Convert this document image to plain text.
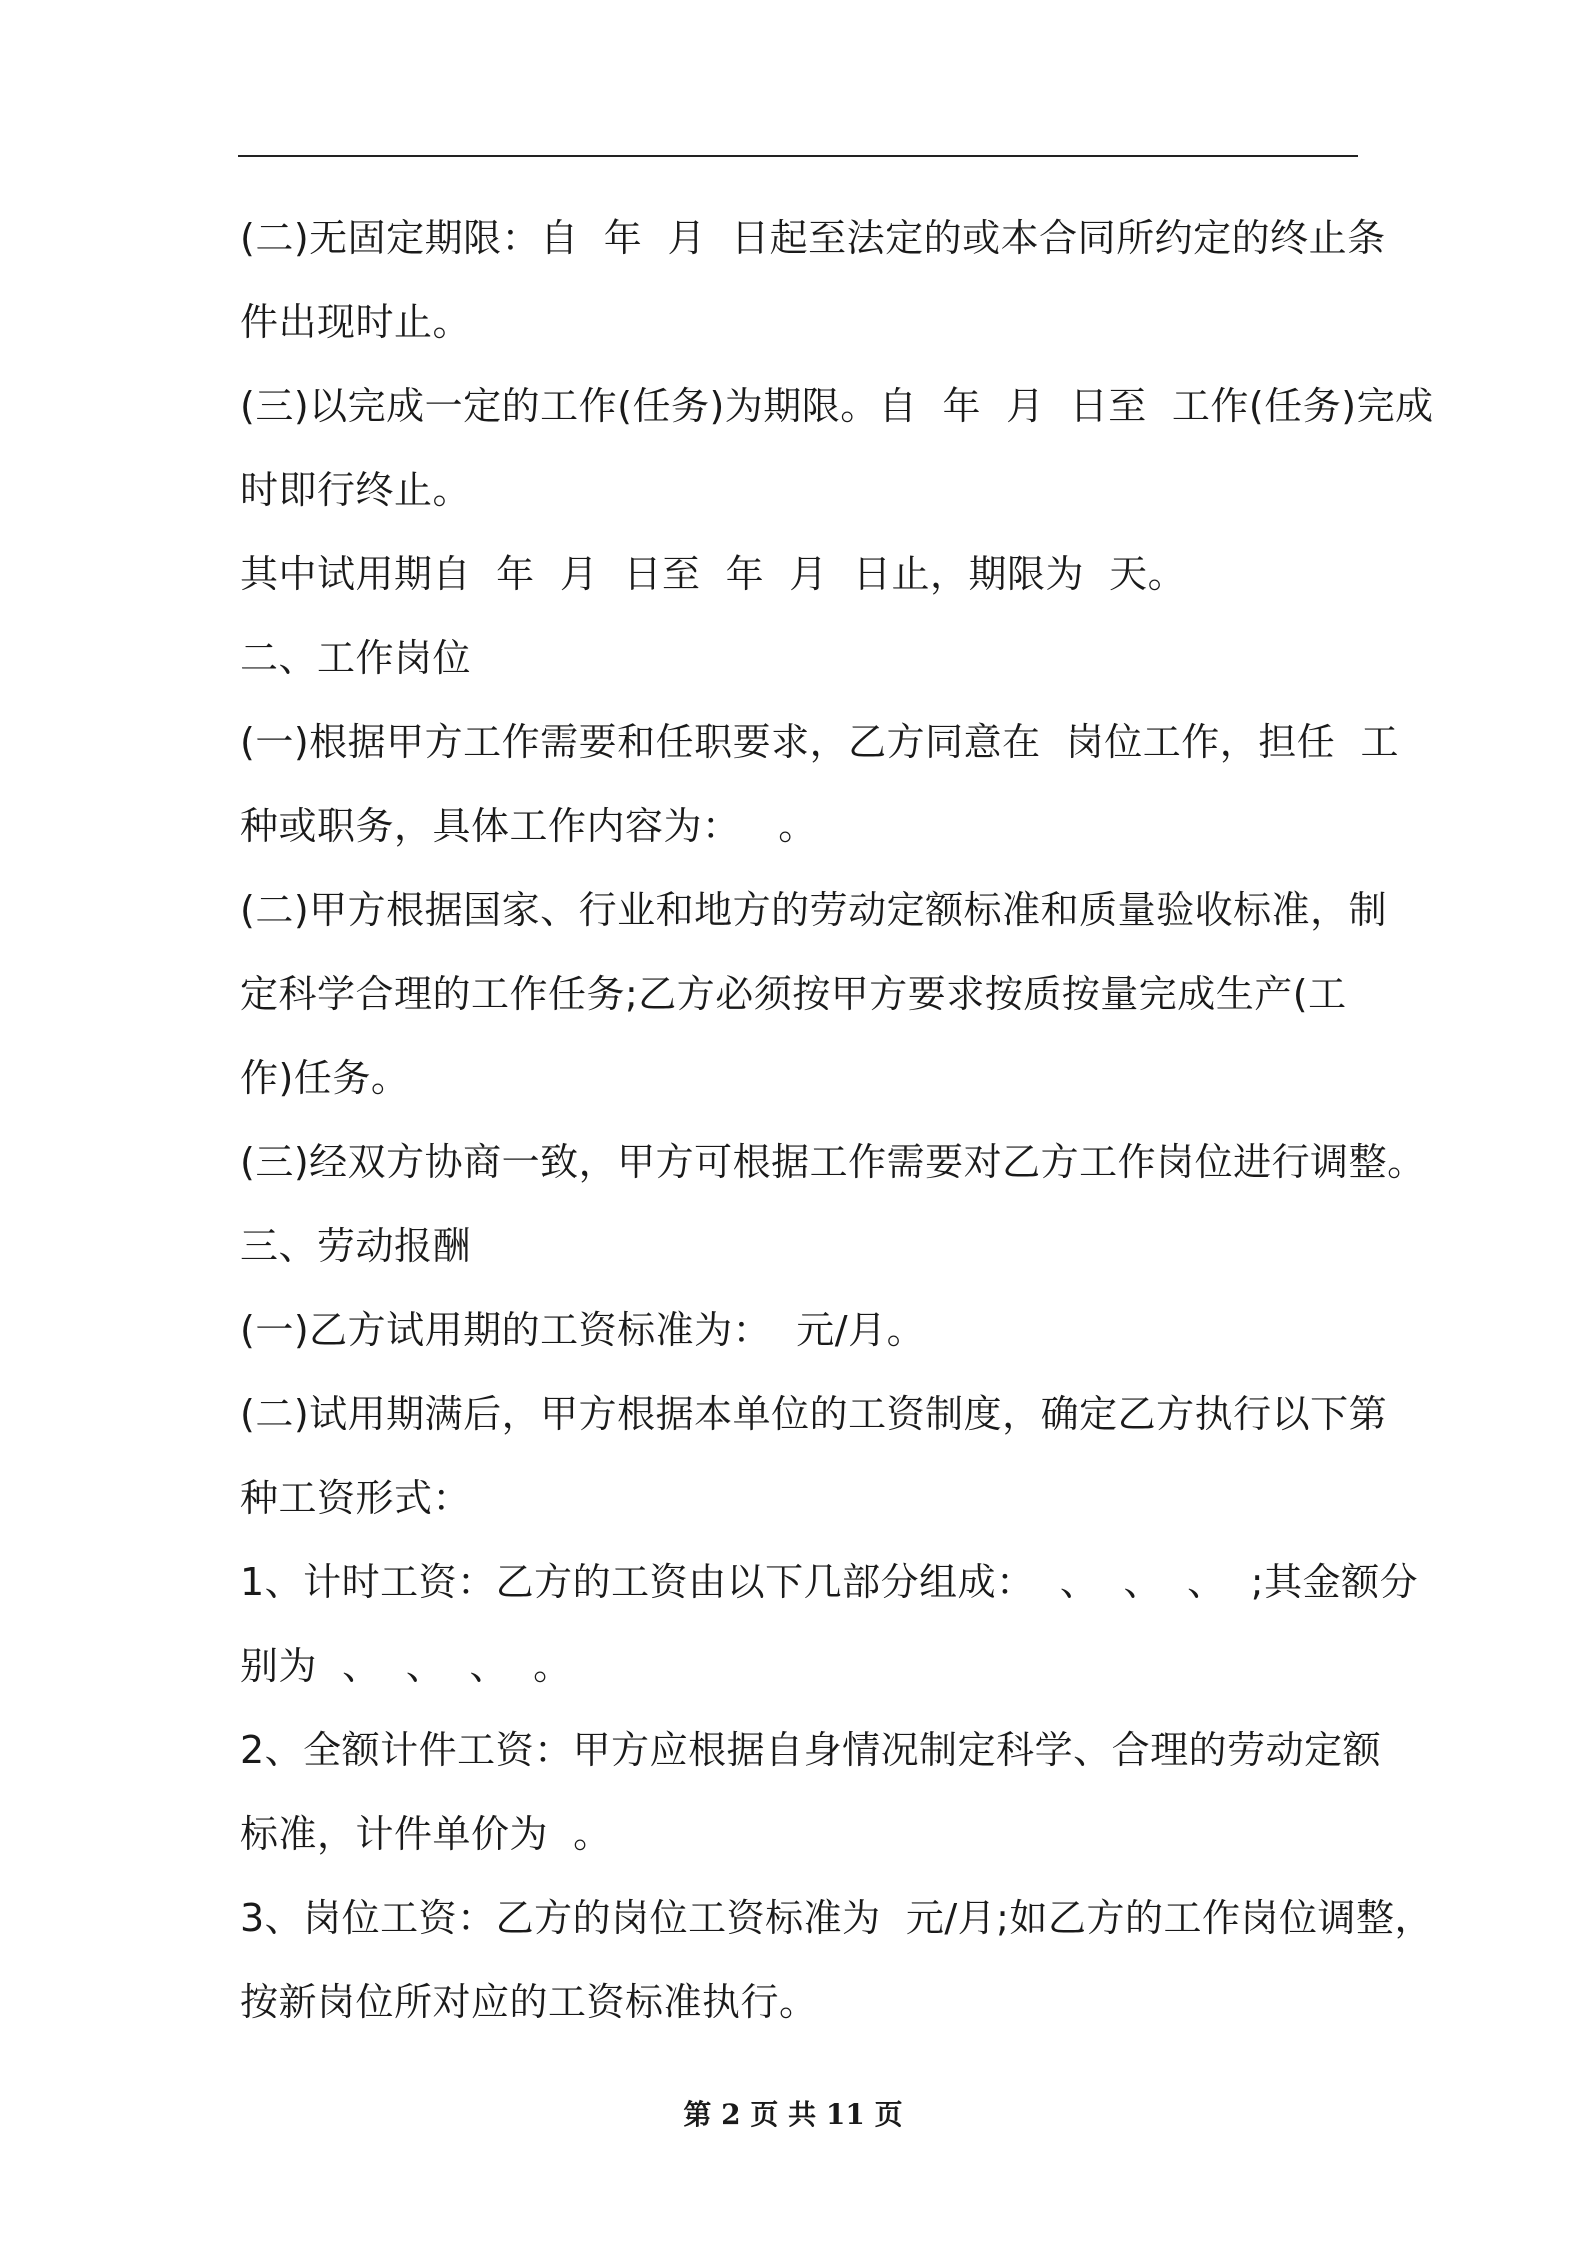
(二)无固定期限：自  年  月  日起至法定的或本合同所约定的终止条
件出现时止。
(三)以完成一定的工作(任务)为期限。自  年  月  日至  工作(任务)完成
时即行终止。
其中试用期自  年  月  日至  年  月  日止，期限为  天。
二、工作岗位
(一)根据甲方工作需要和任职要求，乙方同意在  岗位工作，担任  工
种或职务，具体工作内容为：   。
(二)甲方根据国家、行业和地方的劳动定额标准和质量验收标准，制
定科学合理的工作任务;乙方必须按甲方要求按质按量完成生产(工
作)任务。
(三)经双方协商一致，甲方可根据工作需要对乙方工作岗位进行调整。
三、劳动报酬
(一)乙方试用期的工资标准为：  元/月。
(二)试用期满后，甲方根据本单位的工资制度，确定乙方执行以下第
种工资形式：
1、计时工资：乙方的工资由以下几部分组成：  、  、  、  ;其金额分
别为  、  、  、  。
2、全额计件工资：甲方应根据自身情况制定科学、合理的劳动定额
标准，计件单价为  。
3、岗位工资：乙方的岗位工资标准为  元/月;如乙方的工作岗位调整，
按新岗位所对应的工资标准执行。
第 2 页 共 11 页
